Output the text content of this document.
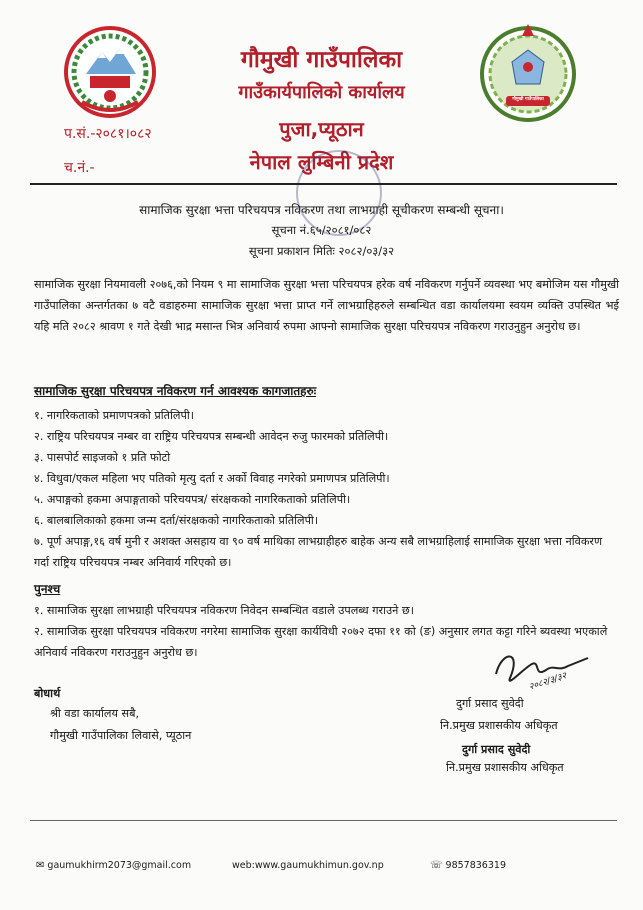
गौमुखी गाउँपालिका
गौमुखी गाउँपालिका
गाउँकार्यपालिको कार्यालय
पुजा,प्यूठान
नेपाल लुम्बिनी प्रदेश
प.सं.-२०८१।०८२
च.नं.-
सामाजिक सुरक्षा भत्ता परिचयपत्र नविकरण तथा लाभग्राही सूचीकरण सम्बन्धी सूचना।
सूचना नं.६५/२०८१/०८२
सूचना प्रकाशन मितिः २०८२/०३/३२
सामाजिक सुरक्षा नियमावली २०७६,को नियम ९ मा सामाजिक सुरक्षा भत्ता परिचयपत्र हरेक वर्ष नविकरण गर्नुपर्ने व्यवस्था भए बमोजिम यस गौमुखी गाउँपालिका अन्तर्गतका ७ वटै वडाहरुमा सामाजिक सुरक्षा भत्ता प्राप्त गर्ने लाभग्राहिहरुले सम्बन्धित वडा कार्यालयमा स्वयम व्यक्ति उपस्थित भई यहि मति २०८२ श्रावण १ गते देखी भाद्र मसान्त भित्र अनिवार्य रुपमा आफ्नो सामाजिक सुरक्षा परिचयपत्र नविकरण गराउनुहुन अनुरोध छ।
सामाजिक सुरक्षा परिचयपत्र नविकरण गर्न आवश्यक कागजातहरुः
१. नागरिकताको प्रमाणपत्रको प्रतिलिपी।
२. राष्ट्रिय परिचयपत्र नम्बर वा राष्ट्रिय परिचयपत्र सम्बन्धी आवेदन रुजु फारमको प्रतिलिपी।
३. पासपोर्ट साइजको १ प्रति फोटो
४. विधुवा/एकल महिला भए पतिको मृत्यु दर्ता र अर्को विवाह नगरेको प्रमाणपत्र प्रतिलिपी।
५. अपाङ्गको हकमा अपाङ्गताको परिचयपत्र/ संरक्षकको नागरिकताको प्रतिलिपी।
६. बालबालिकाको हकमा जन्म दर्ता/संरक्षकको नागरिकताको प्रतिलिपी।
७. पूर्ण अपाङ्ग,१६ वर्ष मुनी र अशक्त असहाय वा ९० वर्ष माथिका लाभग्राहीहरु बाहेक अन्य सबै लाभग्राहिलाई सामाजिक सुरक्षा भत्ता नविकरण गर्दा राष्ट्रिय परिचयपत्र नम्बर अनिवार्य गरिएको छ।
पुनश्च
१. सामाजिक सुरक्षा लाभग्राही परिचयपत्र नविकरण निवेदन सम्बन्धित वडाले उपलब्ध गराउने छ।
२. सामाजिक सुरक्षा परिचयपत्र नविकरण नगरेमा सामाजिक सुरक्षा कार्यविधी २०७२ दफा ११ को (ङ) अनुसार लगत कट्टा गरिने ब्यवस्था भएकाले अनिवार्य नविकरण गराउनुहुन अनुरोध छ।
बोधार्थ
श्री वडा कार्यालय सबै,
गौमुखी गाउँपालिका लिवासे, प्यूठान
२०८२/३/३२
दुर्गा प्रसाद सुवेदी
नि.प्रमुख प्रशासकीय अधिकृत
दुर्गा प्रसाद सुवेदी
नि.प्रमुख प्रशासकीय अधिकृत
✉ gaumukhirm2073@gmail.com	web:www.gaumukhimun.gov.np	☏ 9857836319
